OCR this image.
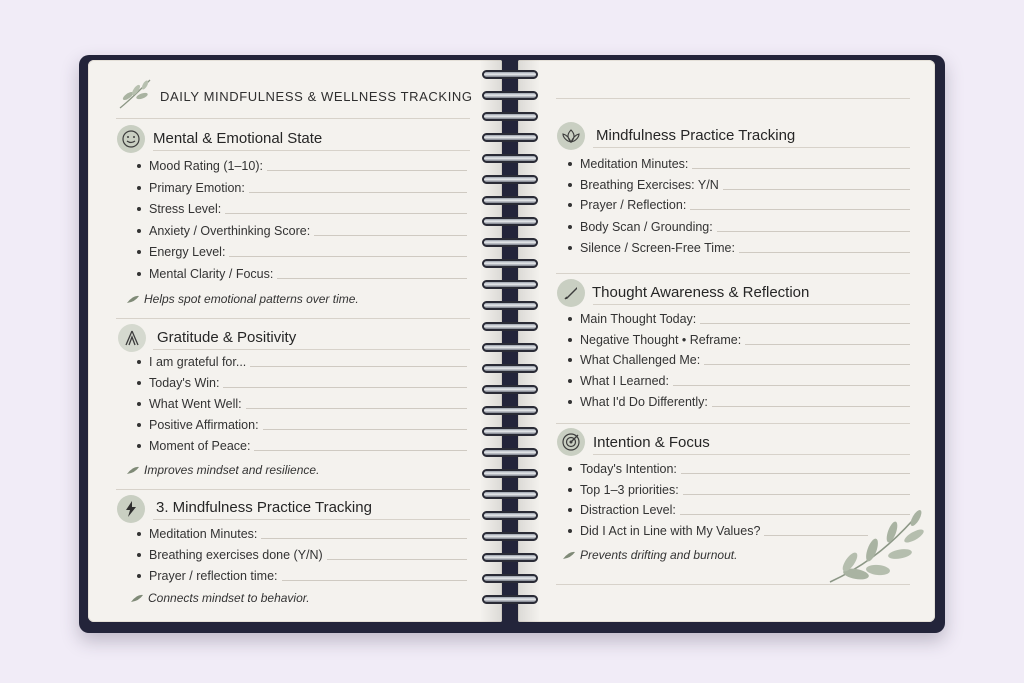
DAILY MINDFULNESS & WELLNESS TRACKING
Mental & Emotional State
Mood Rating (1–10):
Primary Emotion:
Stress Level:
Anxiety / Overthinking Score:
Energy Level:
Mental Clarity / Focus:
Helps spot emotional patterns over time.
Gratitude & Positivity
I am grateful for...
Today's Win:
What Went Well:
Positive Affirmation:
Moment of Peace:
Improves mindset and resilience.
3. Mindfulness Practice Tracking
Meditation Minutes:
Breathing exercises done (Y/N)
Prayer / reflection time:
Connects mindset to behavior.
Mindfulness Practice Tracking
Meditation Minutes:
Breathing Exercises: Y/N
Prayer / Reflection:
Body Scan / Grounding:
Silence / Screen-Free Time:
Thought Awareness & Reflection
Main Thought Today:
Negative Thought • Reframe:
What Challenged Me:
What I Learned:
What I'd Do Differently:
Intention & Focus
Today's Intention:
Top 1–3 priorities:
Distraction Level:
Did I Act in Line with My Values?
Prevents drifting and burnout.
